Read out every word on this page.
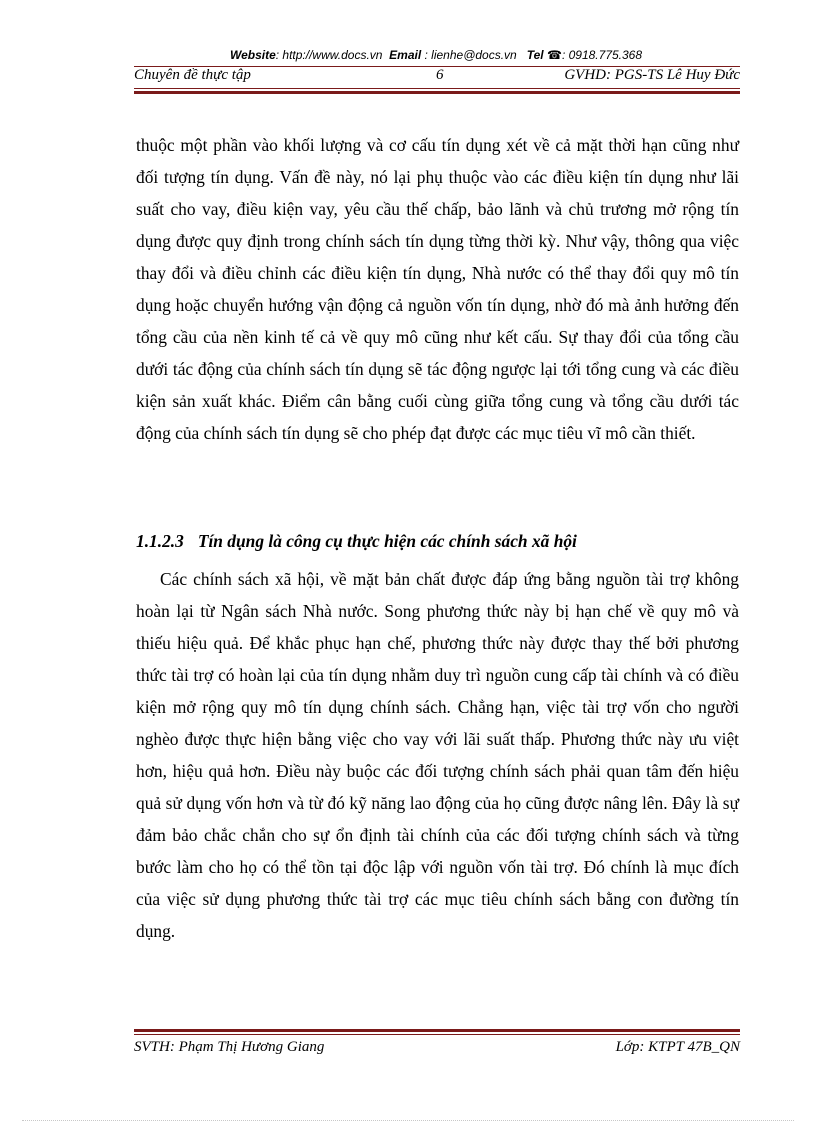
Website: http://www.docs.vn Email : lienhe@docs.vn Tel ☎: 0918.775.368
Chuyên đề thực tập	6	GVHD: PGS-TS Lê Huy Đức

thuộc một phần vào khối lượng và cơ cấu tín dụng xét về cả mặt thời hạn cũng như đối tượng tín dụng. Vấn đề này, nó lại phụ thuộc vào các điều kiện tín dụng như lãi suất cho vay, điều kiện vay, yêu cầu thế chấp, bảo lãnh và chủ trương mở rộng tín dụng được quy định trong chính sách tín dụng từng thời kỳ. Như vậy, thông qua việc thay đổi và điều chỉnh các điều kiện tín dụng, Nhà nước có thể thay đổi quy mô tín dụng hoặc chuyển hướng vận động cả nguồn vốn tín dụng, nhờ đó mà ảnh hưởng đến tổng cầu của nền kinh tế cả về quy mô cũng như kết cấu. Sự thay đổi của tổng cầu dưới tác động của chính sách tín dụng sẽ tác động ngược lại tới tổng cung và các điều kiện sản xuất khác. Điểm cân bằng cuối cùng giữa tổng cung và tổng cầu dưới tác động của chính sách tín dụng sẽ cho phép đạt được các mục tiêu vĩ mô cần thiết.

1.1.2.3 Tín dụng là công cụ thực hiện các chính sách xã hội

Các chính sách xã hội, về mặt bản chất được đáp ứng bằng nguồn tài trợ không hoàn lại từ Ngân sách Nhà nước. Song phương thức này bị hạn chế về quy mô và thiếu hiệu quả. Để khắc phục hạn chế, phương thức này được thay thế bởi phương thức tài trợ có hoàn lại của tín dụng nhằm duy trì nguồn cung cấp tài chính và có điều kiện mở rộng quy mô tín dụng chính sách. Chẳng hạn, việc tài trợ vốn cho người nghèo được thực hiện bằng việc cho vay với lãi suất thấp. Phương thức này ưu việt hơn, hiệu quả hơn. Điều này buộc các đối tượng chính sách phải quan tâm đến hiệu quả sử dụng vốn hơn và từ đó kỹ năng lao động của họ cũng được nâng lên. Đây là sự đảm bảo chắc chắn cho sự ổn định tài chính của các đối tượng chính sách và từng bước làm cho họ có thể tồn tại độc lập với nguồn vốn tài trợ. Đó chính là mục đích của việc sử dụng phương thức tài trợ các mục tiêu chính sách bằng con đường tín dụng.

SVTH: Phạm Thị Hương Giang	Lớp: KTPT 47B_QN
